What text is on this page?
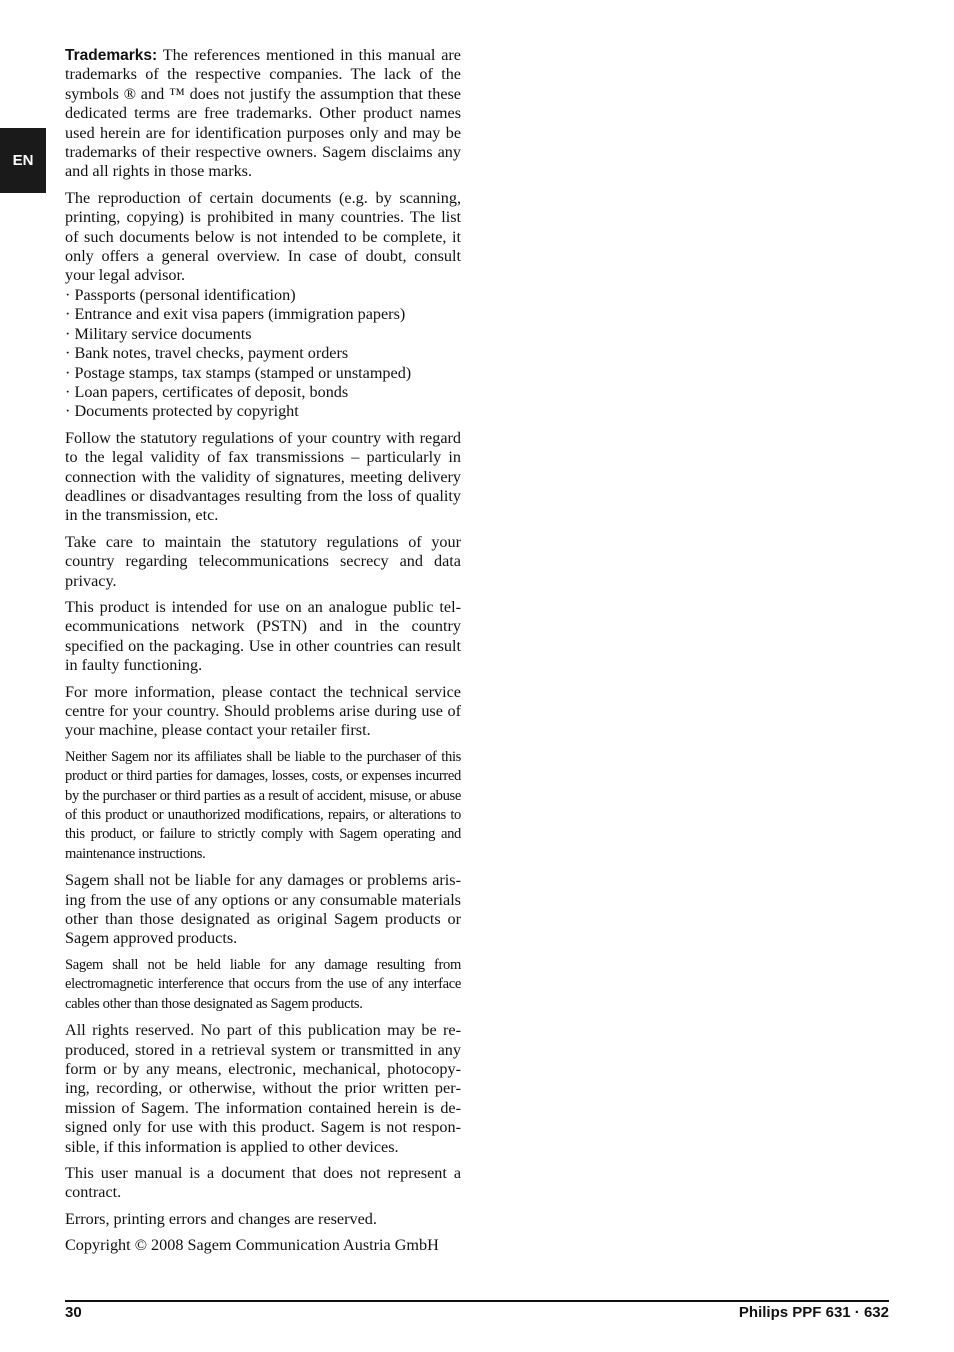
EN

Trademarks: The references mentioned in this manual are trademarks of the respective companies. The lack of the symbols ® and ™ does not justify the assumption that these dedicated terms are free trademarks. Other product names used herein are for identification purposes only and may be trademarks of their respective owners. Sagem disclaims any and all rights in those marks.

The reproduction of certain documents (e.g. by scanning, printing, copying) is prohibited in many countries. The list of such documents below is not intended to be complete, it only offers a general overview. In case of doubt, consult your legal advisor.

· Passports (personal identification)
· Entrance and exit visa papers (immigration papers)
· Military service documents
· Bank notes, travel checks, payment orders
· Postage stamps, tax stamps (stamped or unstamped)
· Loan papers, certificates of deposit, bonds
· Documents protected by copyright

Follow the statutory regulations of your country with regard to the legal validity of fax transmissions – particularly in connection with the validity of signatures, meeting delivery deadlines or disadvantages resulting from the loss of quality in the transmission, etc.

Take care to maintain the statutory regulations of your country regarding telecommunications secrecy and data privacy.

This product is intended for use on an analogue public telecommunications network (PSTN) and in the country specified on the packaging. Use in other countries can result in faulty functioning.

For more information, please contact the technical service centre for your country. Should problems arise during use of your machine, please contact your retailer first.

Neither Sagem nor its affiliates shall be liable to the purchaser of this product or third parties for damages, losses, costs, or expenses incurred by the purchaser or third parties as a result of accident, misuse, or abuse of this product or unauthorized modifications, repairs, or alterations to this product, or failure to strictly comply with Sagem operating and maintenance instructions.

Sagem shall not be liable for any damages or problems arising from the use of any options or any consumable materials other than those designated as original Sagem products or Sagem approved products.

Sagem shall not be held liable for any damage resulting from electromagnetic interference that occurs from the use of any interface cables other than those designated as Sagem products.

All rights reserved. No part of this publication may be reproduced, stored in a retrieval system or transmitted in any form or by any means, electronic, mechanical, photocopying, recording, or otherwise, without the prior written permission of Sagem. The information contained herein is designed only for use with this product. Sagem is not responsible, if this information is applied to other devices.

This user manual is a document that does not represent a contract.

Errors, printing errors and changes are reserved.

Copyright © 2008 Sagem Communication Austria GmbH

30	Philips PPF 631 · 632
